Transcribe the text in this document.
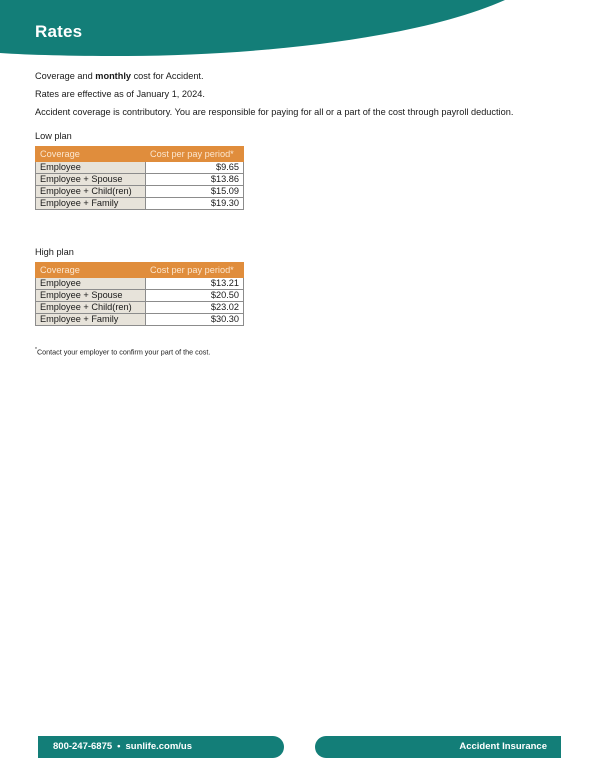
Rates

Coverage and monthly cost for Accident.

Rates are effective as of January 1, 2024.

Accident coverage is contributory. You are responsible for paying for all or a part of the cost through payroll deduction.

Low plan

Coverage	Cost per pay period*
Employee	$9.65
Employee + Spouse	$13.86
Employee + Child(ren)	$15.09
Employee + Family	$19.30

High plan

Coverage	Cost per pay period*
Employee	$13.21
Employee + Spouse	$20.50
Employee + Child(ren)	$23.02
Employee + Family	$30.30
*Contact your employer to confirm your part of the cost.
800-247-6875 • sunlife.com/us	Accident Insurance
